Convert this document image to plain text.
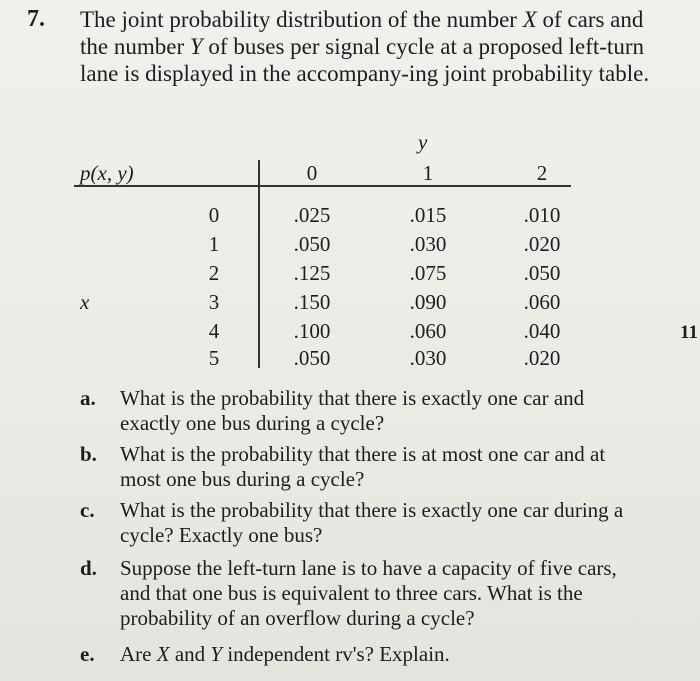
7. The joint probability distribution of the number X of cars and the number Y of buses per signal cycle at a proposed left-turn lane is displayed in the accompany-ing joint probability table.
p(x, y)
y
x
0	1	2
0	.025	.015	.010
1	.050	.030	.020
2	.125	.075	.050
3	.150	.090	.060
4	.100	.060	.040
5	.050	.030	.020
11
a. What is the probability that there is exactly one car and exactly one bus during a cycle?
b. What is the probability that there is at most one car and at most one bus during a cycle?
c. What is the probability that there is exactly one car during a cycle? Exactly one bus?
d. Suppose the left-turn lane is to have a capacity of five cars, and that one bus is equivalent to three cars. What is the probability of an overflow during a cycle?
e. Are X and Y independent rv's? Explain.
